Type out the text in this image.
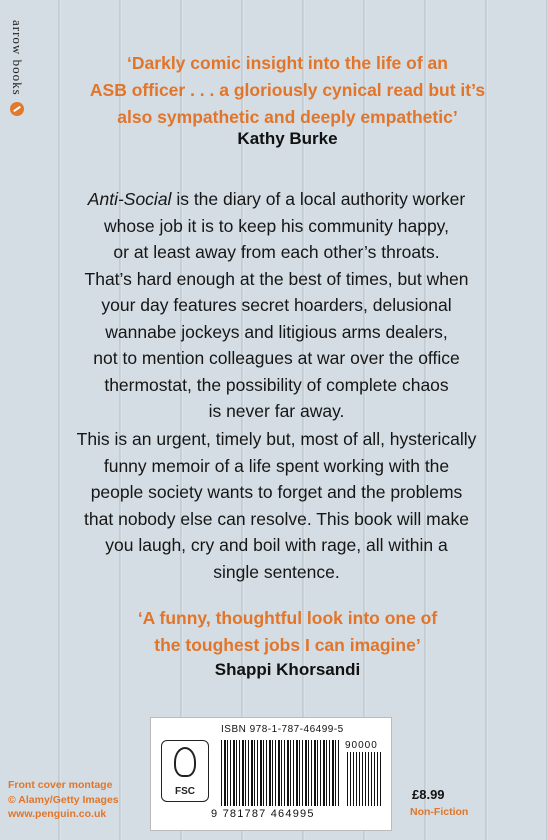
arrow books	‘Darkly comic insight into the life of an
ASB officer . . . a gloriously cynical read but it’s
also sympathetic and deeply empathetic’

Kathy Burke

Anti-Social is the diary of a local authority worker
whose job it is to keep his community happy,
or at least away from each other’s throats.
That’s hard enough at the best of times, but when
your day features secret hoarders, delusional
wannabe jockeys and litigious arms dealers,
not to mention colleagues at war over the office
thermostat, the possibility of complete chaos
is never far away.

This is an urgent, timely but, most of all, hysterically
funny memoir of a life spent working with the
people society wants to forget and the problems
that nobody else can resolve. This book will make
you laugh, cry and boil with rage, all within a
single sentence.

‘A funny, thoughtful look into one of
the toughest jobs I can imagine’

Shappi Khorsandi

FSC
ISBN 978-1-787-46499-5
90000
9 781787 464995
Front cover montage
© Alamy/Getty Images
www.penguin.co.uk
£8.99
Non-Fiction
